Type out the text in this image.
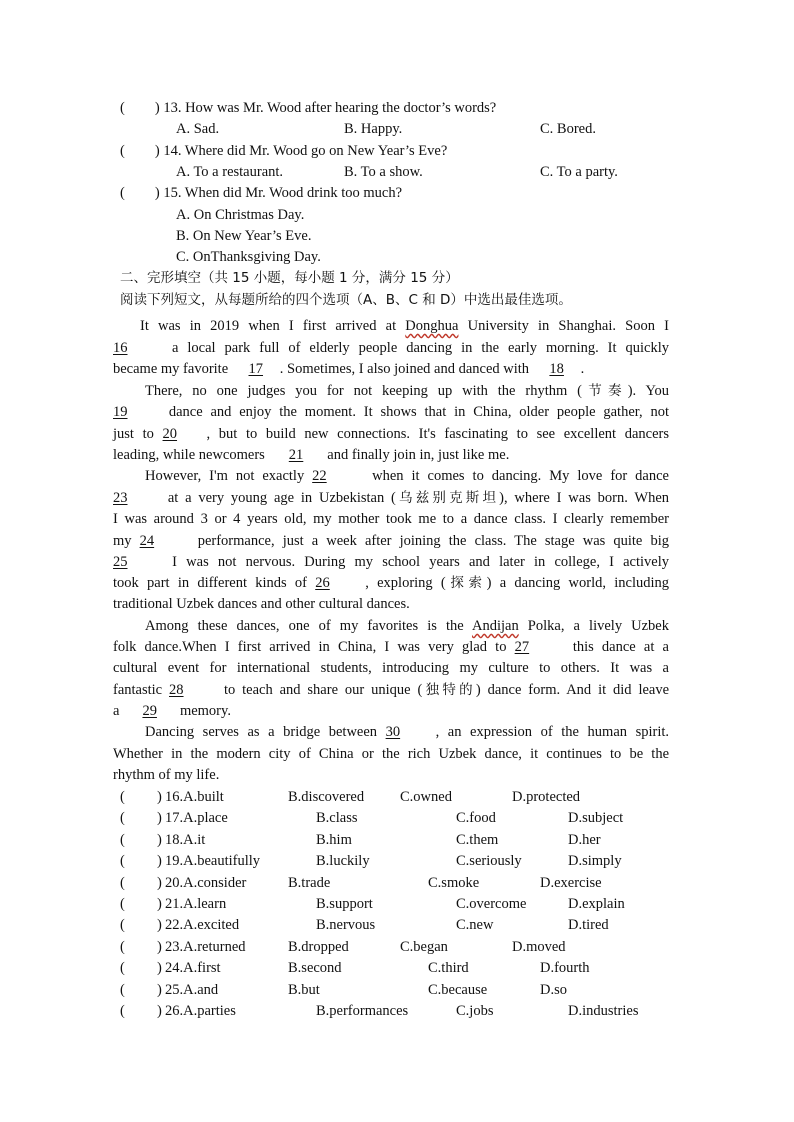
( ) 13. How was Mr. Wood after hearing the doctor’s words?
A. Sad.	B. Happy.	C. Bored.
( ) 14. Where did Mr. Wood go on New Year’s Eve?
A. To a restaurant.	B. To a show.	C. To a party.
( ) 15. When did Mr. Wood drink too much?
A. On Christmas Day.
B. On New Year’s Eve.
C. OnThanksgiving Day.
二、完形填空（共 15 小题，每小题 1 分，满分 15 分）
阅读下列短文，从每题所给的四个选项（A、B、C 和 D）中选出最佳选项。
It was in 2019 when I first arrived at Donghua University in Shanghai. Soon I
16	a local park full of elderly people dancing in the early morning. It quickly
became my favorite 17 . Sometimes, I also joined and danced with 18 .
There, no one judges you for not keeping up with the rhythm (节奏). You
19	dance and enjoy the moment. It shows that in China, older people gather, not
just to 20 , but to build new connections. It's fascinating to see excellent dancers
leading, while newcomers 21 and finally join in, just like me.
However, I'm not exactly 22	when it comes to dancing. My love for dance
23	at a very young age in Uzbekistan (乌兹别克斯坦), where I was born. When
I was around 3 or 4 years old, my mother took me to a dance class. I clearly remember
my 24	performance, just a week after joining the class. The stage was quite big
25	I was not nervous. During my school years and later in college, I actively
took part in different kinds of 26 , exploring (探索) a dancing world, including
traditional Uzbek dances and other cultural dances.
Among these dances, one of my favorites is the Andijan Polka, a lively Uzbek
folk dance.When I first arrived in China, I was very glad to 27	this dance at a
cultural event for international students, introducing my culture to others. It was a
fantastic 28	to teach and share our unique (独特的) dance form. And it did leave
a 29 memory.
Dancing serves as a bridge between 30 , an expression of the human spirit.
Whether in the modern city of China or the rich Uzbek dance, it continues to be the
rhythm of my life.
( ) 16.A.built	B.discovered C.owned	D.protected
( ) 17.A.place	B.class	C.food	D.subject
( ) 18.A.it	B.him	C.them	D.her
( ) 19.A.beautifully	B.luckily	C.seriously	D.simply
( ) 20.A.consider	B.trade	C.smoke	D.exercise
( ) 21.A.learn	B.support	C.overcome	D.explain
( ) 22.A.excited	B.nervous	C.new	D.tired
( ) 23.A.returned	B.dropped	C.began	D.moved
( ) 24.A.first	B.second	C.third	D.fourth
( ) 25.A.and	B.but	C.because	D.so
( ) 26.A.parties	B.performances	C.jobs	D.industries
